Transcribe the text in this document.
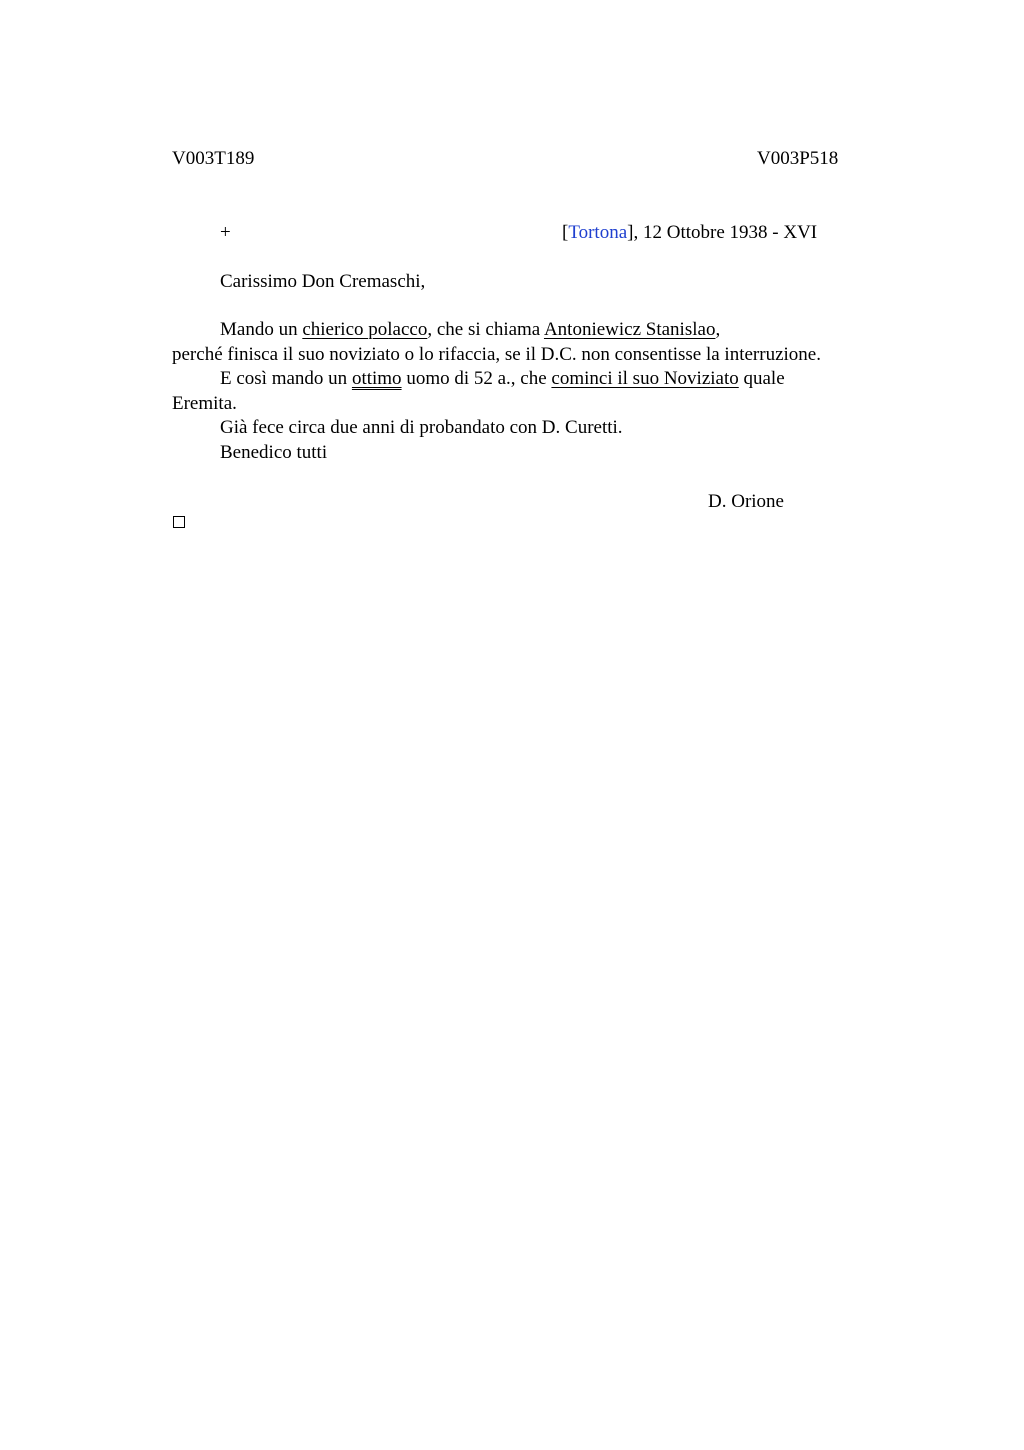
V003T189	V003P518
+	[Tortona], 12 Ottobre 1938 - XVI
Carissimo Don Cremaschi,
Mando un chierico polacco, che si chiama Antoniewicz Stanislao,
perché finisca il suo noviziato o lo rifaccia, se il D.C. non consentisse la interruzione.
E così mando un ottimo uomo di 52 a., che cominci il suo Noviziato quale
Eremita.
Già fece circa due anni di probandato con D. Curetti.
Benedico tutti
D. Orione
